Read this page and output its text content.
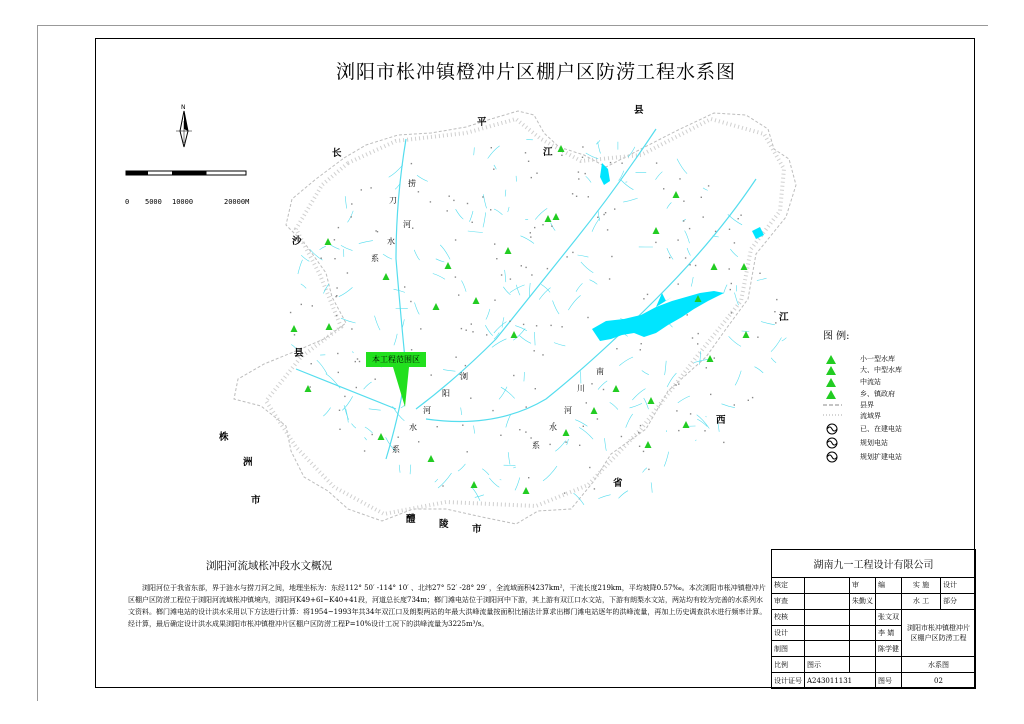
浏阳市枨冲镇橙冲片区棚户区防涝工程水系图
0 5000 10000	20000M
N
长
沙
县
平
江
县
江
西
省
株
洲
市
醴 陵 市
捞
刀
河
水
系
浏
阳
河
水
系
南
川
河
水
系
本工程范围区
图 例:
小一型水库
大、中型水库
中流站
乡、镇政府
县界
流域界
已、在建电站
规划电站
规划扩建电站
浏阳河流域枨冲段水文概况
浏阳河位于我省东部，界于涟水与捞刀河之间，地理坐标为：东经112° 50′ -114° 10′ 、北纬27° 52′ -28° 29′ ，全流域面积4237km²，干流长度219km，平均坡降0.57‰。本次浏阳市枨冲镇橙冲片区棚户区防涝工程位于浏阳河流域枨冲镇境内，浏阳河K49+6I~K40+41段，河道总长度734m；榔门滩电站位于浏阳河中下游，其上游有双江口水文站，下游有朗梨水文站，两站均有较为完善的水系列水文资料。榔门滩电站的设计洪水采用以下方法进行计算：将1954~1993年共34年双江口及朗梨两站的年最大洪峰流量按面积比插法计算求出榔门滩电站逐年的洪峰流量，再加上历史调查洪水进行频率计算。经计算，最后确定设计洪水成果浏阳市枨冲镇橙冲片区棚户区防涝工程P=10%设计工况下的洪峰流量为3225m³/s。
湖南九一工程设计有限公司					
核定		审	编	实 施	设计
审查		朱勤义		水 工	部分
校核			张文双	浏阳市枨冲镇橙冲片区棚户区防涝工程	
设计			李 婧		
制图			陈学健		
比例	图示			水系图	
设计证号	A243011131		图号	02	
